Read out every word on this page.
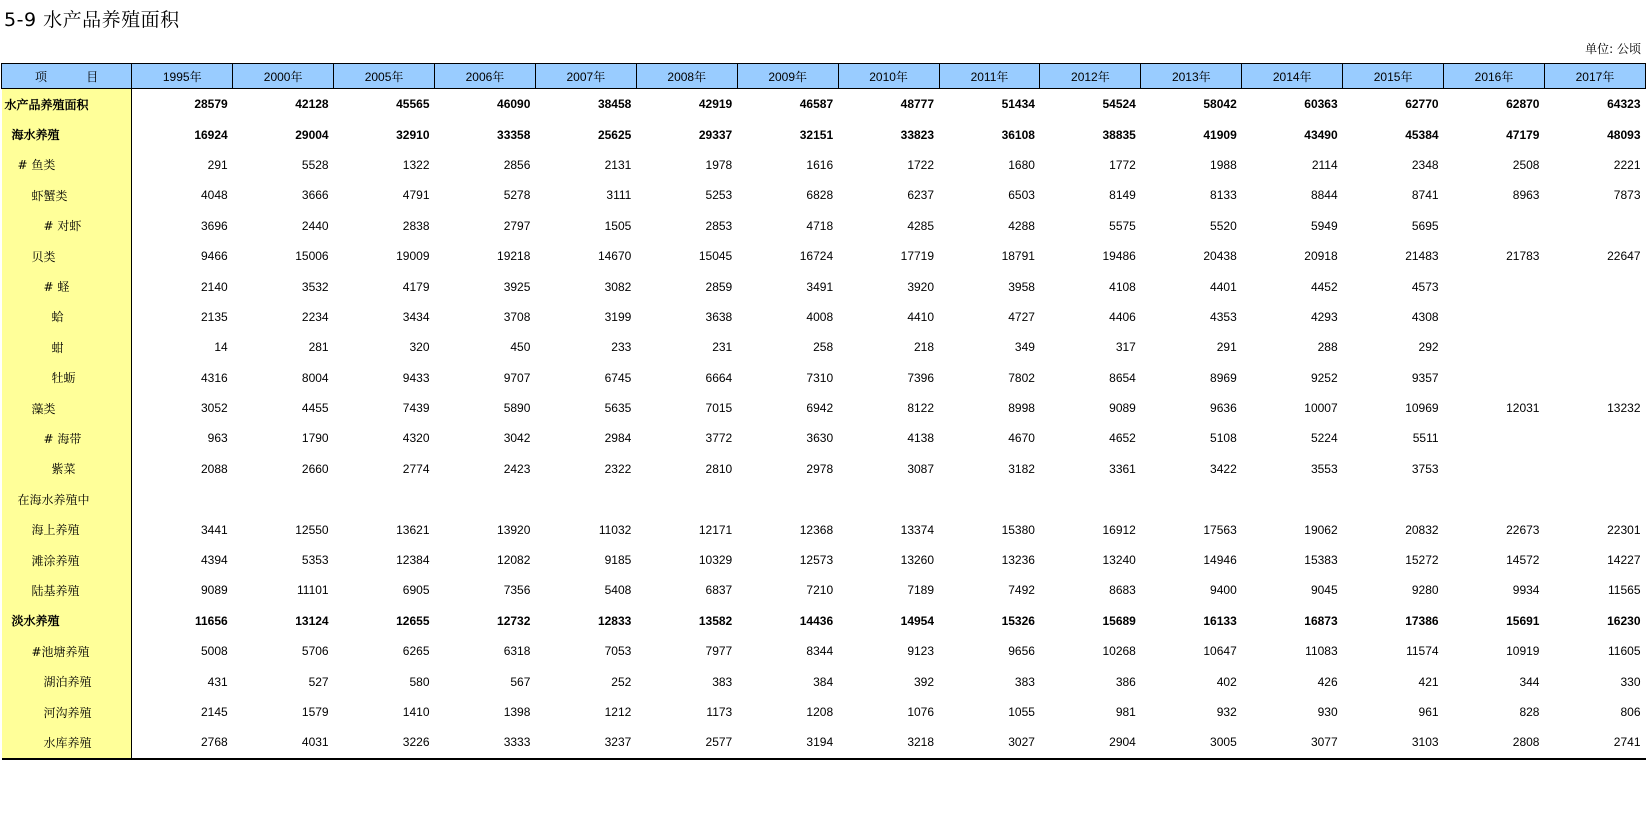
5-9 水产品养殖面积
单位: 公顷
项 目	1995年	2000年	2005年	2006年	2007年	2008年	2009年	2010年	2011年	2012年	2013年	2014年	2015年	2016年	2017年
水产品养殖面积	28579	42128	45565	46090	38458	42919	46587	48777	51434	54524	58042	60363	62770	62870	64323
海水养殖	16924	29004	32910	33358	25625	29337	32151	33823	36108	38835	41909	43490	45384	47179	48093
# 鱼类	291	5528	1322	2856	2131	1978	1616	1722	1680	1772	1988	2114	2348	2508	2221
虾蟹类	4048	3666	4791	5278	3111	5253	6828	6237	6503	8149	8133	8844	8741	8963	7873
# 对虾	3696	2440	2838	2797	1505	2853	4718	4285	4288	5575	5520	5949	5695		
贝类	9466	15006	19009	19218	14670	15045	16724	17719	18791	19486	20438	20918	21483	21783	22647
# 蛏	2140	3532	4179	3925	3082	2859	3491	3920	3958	4108	4401	4452	4573		
蛤	2135	2234	3434	3708	3199	3638	4008	4410	4727	4406	4353	4293	4308		
蚶	14	281	320	450	233	231	258	218	349	317	291	288	292		
牡蛎	4316	8004	9433	9707	6745	6664	7310	7396	7802	8654	8969	9252	9357		
藻类	3052	4455	7439	5890	5635	7015	6942	8122	8998	9089	9636	10007	10969	12031	13232
# 海带	963	1790	4320	3042	2984	3772	3630	4138	4670	4652	5108	5224	5511		
紫菜	2088	2660	2774	2423	2322	2810	2978	3087	3182	3361	3422	3553	3753		
在海水养殖中															
海上养殖	3441	12550	13621	13920	11032	12171	12368	13374	15380	16912	17563	19062	20832	22673	22301
滩涂养殖	4394	5353	12384	12082	9185	10329	12573	13260	13236	13240	14946	15383	15272	14572	14227
陆基养殖	9089	11101	6905	7356	5408	6837	7210	7189	7492	8683	9400	9045	9280	9934	11565
淡水养殖	11656	13124	12655	12732	12833	13582	14436	14954	15326	15689	16133	16873	17386	15691	16230
#池塘养殖	5008	5706	6265	6318	7053	7977	8344	9123	9656	10268	10647	11083	11574	10919	11605
湖泊养殖	431	527	580	567	252	383	384	392	383	386	402	426	421	344	330
河沟养殖	2145	1579	1410	1398	1212	1173	1208	1076	1055	981	932	930	961	828	806
水库养殖	2768	4031	3226	3333	3237	2577	3194	3218	3027	2904	3005	3077	3103	2808	2741
